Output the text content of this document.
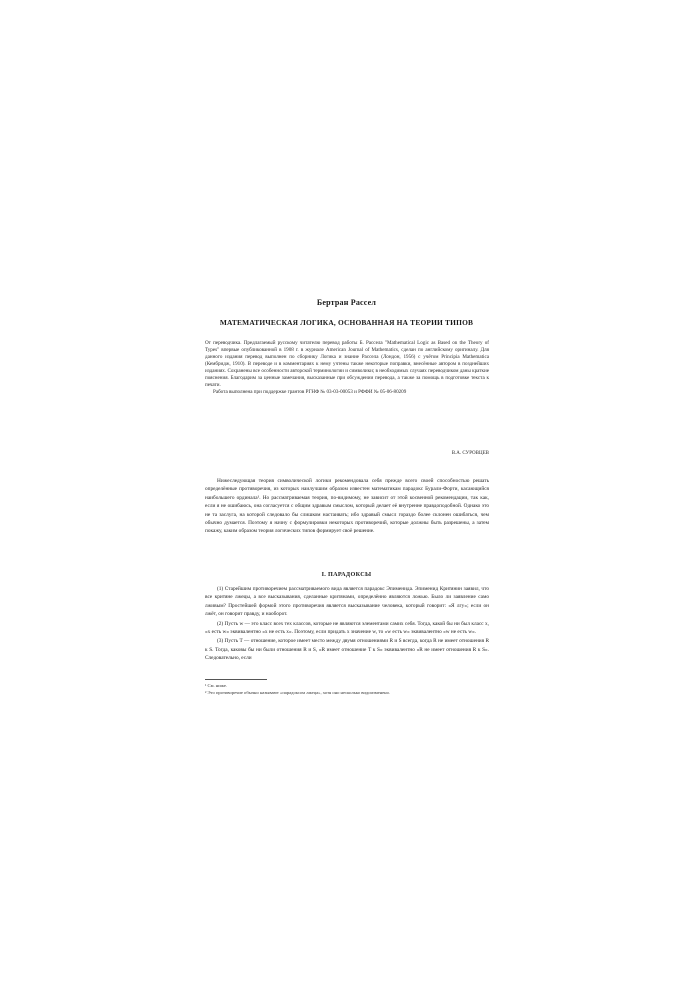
Бертран Рассел
МАТЕМАТИЧЕСКАЯ ЛОГИКА, ОСНОВАННАЯ НА ТЕОРИИ ТИПОВ

От переводчика. Предлагаемый русскому читателю перевод работы Б. Рассела "Mathematical Logic as Based on the Theory of Types" впервые опубликованной в 1908 г. в журнале American Journal of Mathematics, сделан по английскому оригиналу. Для данного издания перевод выполнен по сборнику Логика и знание Рассела (Лондон, 1956) с учётом Principia Mathematica (Кембридж, 1910). В переводе и в комментариях к нему учтены также некоторые поправки, внесённые автором в позднейших изданиях. Сохранены все особенности авторской терминологии и символики; в необходимых случаях переводчиком даны краткие пояснения. Благодарим за ценные замечания, высказанные при обсуждении перевода, а также за помощь в подготовке текста к печати.

Работа выполнена при поддержке грантов РГНФ № 03-03-00053 и РФФИ № 05-06-80209

В.А. СУРОВЦЕВ

Нижеследующая теория символической логики рекомендовала себя прежде всего своей способностью решать определённые противоречия, из которых наилучшим образом известен математикам парадокс Бурали-Форти, касающийся наибольшего ординала¹. Но рассматриваемая теория, по-видимому, не зависит от этой косвенной рекомендации, так как, если я не ошибаюсь, она согласуется с общим здравым смыслом, который делает её внутренне правдоподобной. Однако это не та заслуга, на которой следовало бы слишком настаивать; ибо здравый смысл гораздо более склонен ошибаться, чем обычно думается. Поэтому я начну с формулировки некоторых противоречий, которые должны быть разрешены, а затем покажу, каким образом теория логических типов формирует своё решение.

I. ПАРАДОКСЫ

(1) Старейшим противоречием рассматриваемого вида является парадокс Эпименида. Эпименид Критянин заявил, что все критяне лжецы, а все высказывания, сделанные критянами, определённо являются ложью. Было ли заявление само лживым? Простейшей формой этого противоречия является высказывание человека, который говорит: «Я лгу»; если он лжёт, он говорит правду, и наоборот.

(2) Пусть w — это класс всех тех классов, которые не являются элементами самих себя. Тогда, какой бы ни был класс x, «x есть w» эквивалентно «x не есть x». Поэтому, если придать x значение w, то «w есть w» эквивалентно «w не есть w».

(3) Пусть T — отношение, которое имеет место между двумя отношениями R и S всегда, когда R не имеет отношения R к S. Тогда, каковы бы ни были отношения R и S, «R имеет отношение T к S» эквивалентно «R не имеет отношения R к S». Следовательно, если

¹ См. ниже.

² Это противоречие обычно называют «парадоксом лжеца», хотя оно несколько видоизменено.
